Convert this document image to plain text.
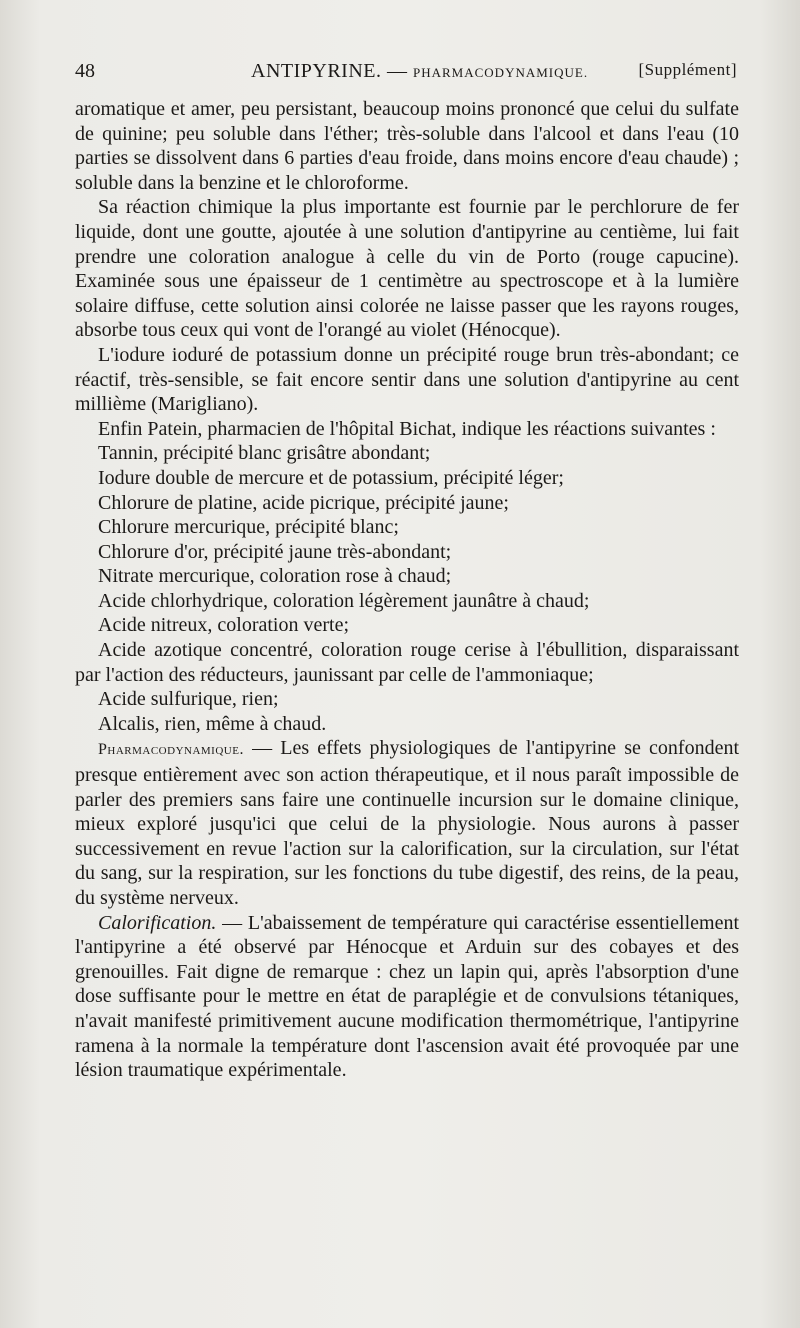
48	ANTIPYRINE. — PHARMACODYNAMIQUE.	[Supplément]

aromatique et amer, peu persistant, beaucoup moins prononcé que celui du sulfate de quinine; peu soluble dans l'éther; très-soluble dans l'alcool et dans l'eau (10 parties se dissolvent dans 6 parties d'eau froide, dans moins encore d'eau chaude) ; soluble dans la benzine et le chloroforme.

Sa réaction chimique la plus importante est fournie par le perchlorure de fer liquide, dont une goutte, ajoutée à une solution d'antipyrine au centième, lui fait prendre une coloration analogue à celle du vin de Porto (rouge capucine). Examinée sous une épaisseur de 1 centimètre au spectroscope et à la lumière solaire diffuse, cette solution ainsi colorée ne laisse passer que les rayons rouges, absorbe tous ceux qui vont de l'orangé au violet (Hénocque).

L'iodure ioduré de potassium donne un précipité rouge brun très-abondant; ce réactif, très-sensible, se fait encore sentir dans une solution d'antipyrine au cent millième (Marigliano).

Enfin Patein, pharmacien de l'hôpital Bichat, indique les réactions suivantes :

Tannin, précipité blanc grisâtre abondant;

Iodure double de mercure et de potassium, précipité léger;

Chlorure de platine, acide picrique, précipité jaune;

Chlorure mercurique, précipité blanc;

Chlorure d'or, précipité jaune très-abondant;

Nitrate mercurique, coloration rose à chaud;

Acide chlorhydrique, coloration légèrement jaunâtre à chaud;

Acide nitreux, coloration verte;

Acide azotique concentré, coloration rouge cerise à l'ébullition, disparaissant par l'action des réducteurs, jaunissant par celle de l'ammoniaque;

Acide sulfurique, rien;

Alcalis, rien, même à chaud.

Pharmacodynamique. — Les effets physiologiques de l'antipyrine se confondent presque entièrement avec son action thérapeutique, et il nous paraît impossible de parler des premiers sans faire une continuelle incursion sur le domaine clinique, mieux exploré jusqu'ici que celui de la physiologie. Nous aurons à passer successivement en revue l'action sur la calorification, sur la circulation, sur l'état du sang, sur la respiration, sur les fonctions du tube digestif, des reins, de la peau, du système nerveux.

Calorification. — L'abaissement de température qui caractérise essentiellement l'antipyrine a été observé par Hénocque et Arduin sur des cobayes et des grenouilles. Fait digne de remarque : chez un lapin qui, après l'absorption d'une dose suffisante pour le mettre en état de paraplégie et de convulsions tétaniques, n'avait manifesté primitivement aucune modification thermométrique, l'antipyrine ramena à la normale la température dont l'ascension avait été provoquée par une lésion traumatique expérimentale.
